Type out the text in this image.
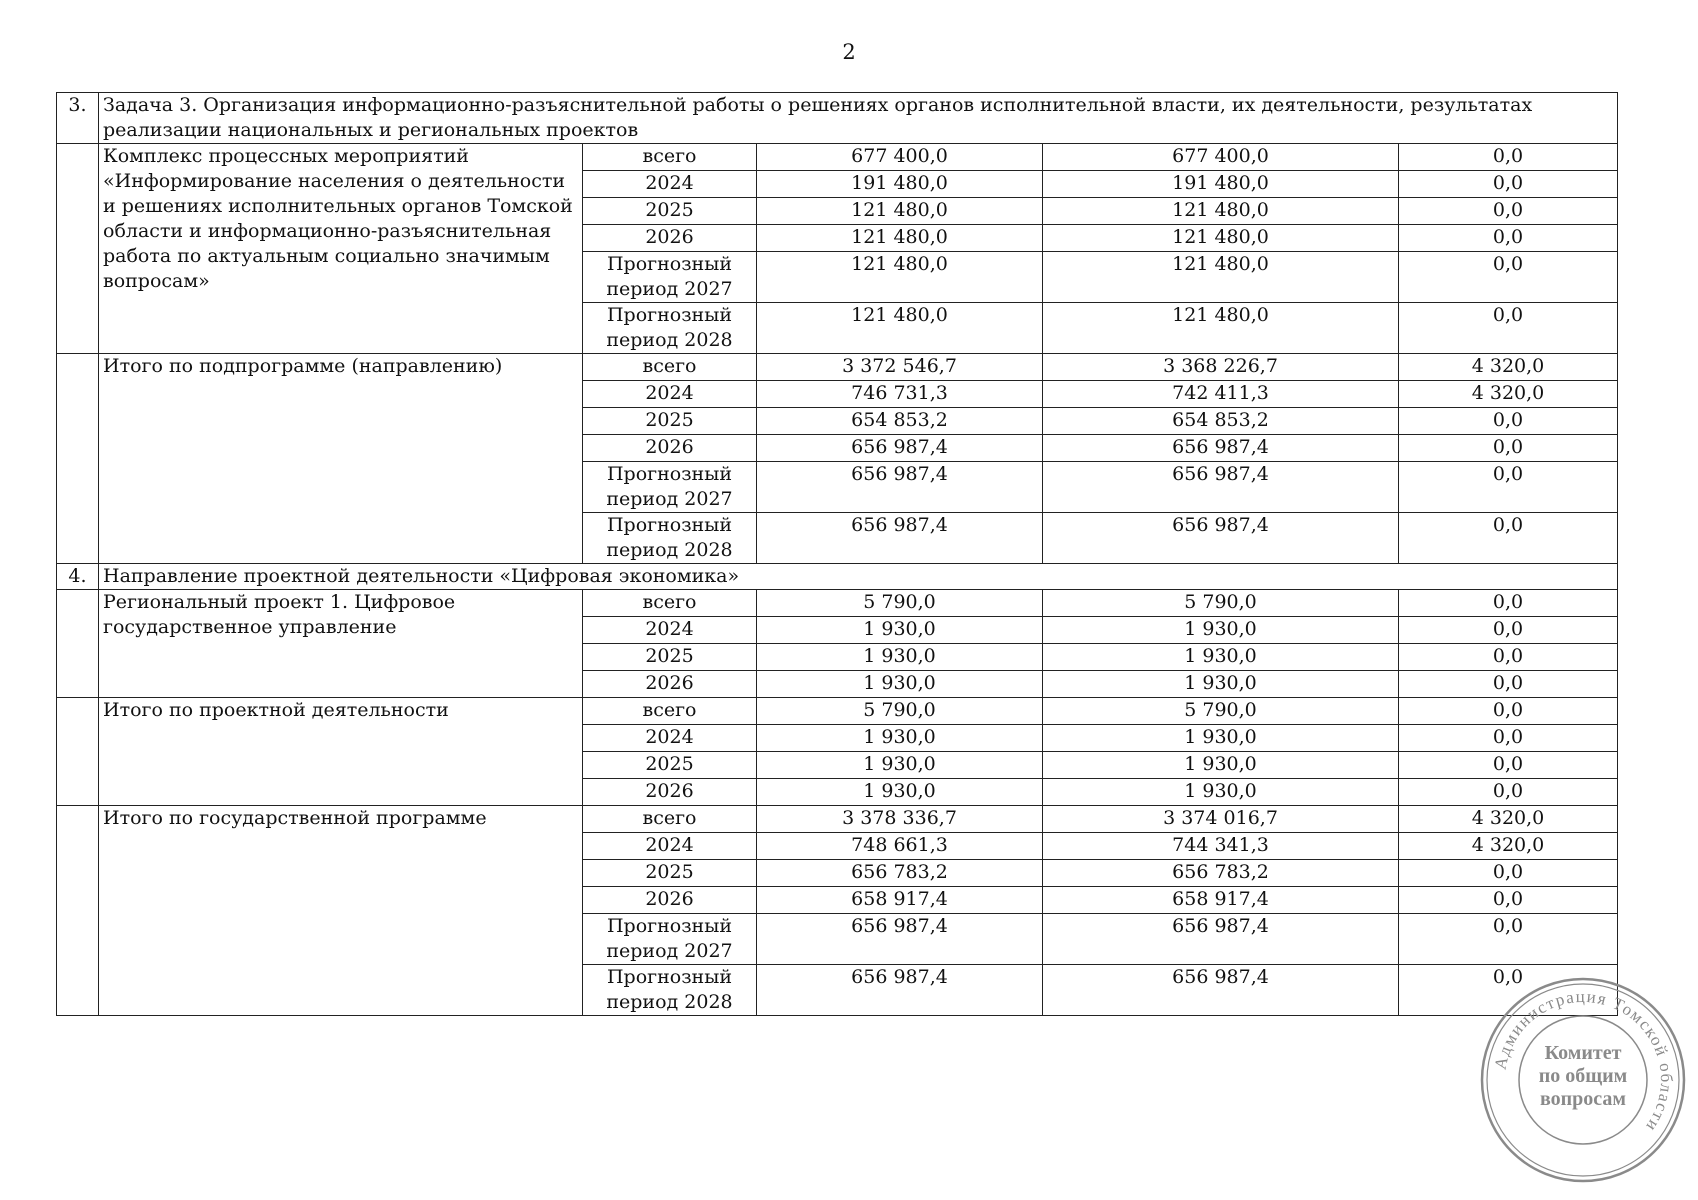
2
3.	Задача 3. Организация информационно-разъяснительной работы о решениях органов исполнительной власти, их деятельности, результатах реализации национальных и региональных проектов				
	Комплекс процессных мероприятий «Информирование населения о деятельности и решениях исполнительных органов Томской области и информационно-разъяснительная работа по актуальным социально значимым вопросам»	всего	677 400,0	677 400,0	0,0
		2024	191 480,0	191 480,0	0,0
		2025	121 480,0	121 480,0	0,0
		2026	121 480,0	121 480,0	0,0
		Прогнозный период 2027	121 480,0	121 480,0	0,0
		Прогнозный период 2028	121 480,0	121 480,0	0,0
	Итого по подпрограмме (направлению)	всего	3 372 546,7	3 368 226,7	4 320,0
		2024	746 731,3	742 411,3	4 320,0
		2025	654 853,2	654 853,2	0,0
		2026	656 987,4	656 987,4	0,0
		Прогнозный период 2027	656 987,4	656 987,4	0,0
		Прогнозный период 2028	656 987,4	656 987,4	0,0
4.	Направление проектной деятельности «Цифровая экономика»				
	Региональный проект 1. Цифровое государственное управление	всего	5 790,0	5 790,0	0,0
		2024	1 930,0	1 930,0	0,0
		2025	1 930,0	1 930,0	0,0
		2026	1 930,0	1 930,0	0,0
	Итого по проектной деятельности	всего	5 790,0	5 790,0	0,0
		2024	1 930,0	1 930,0	0,0
		2025	1 930,0	1 930,0	0,0
		2026	1 930,0	1 930,0	0,0
	Итого по государственной программе	всего	3 378 336,7	3 374 016,7	4 320,0
		2024	748 661,3	744 341,3	4 320,0
		2025	656 783,2	656 783,2	0,0
		2026	658 917,4	658 917,4	0,0
		Прогнозный период 2027	656 987,4	656 987,4	0,0
		Прогнозный период 2028	656 987,4	656 987,4	0,0
Администрация Томской области
Комитет
по общим
вопросам
